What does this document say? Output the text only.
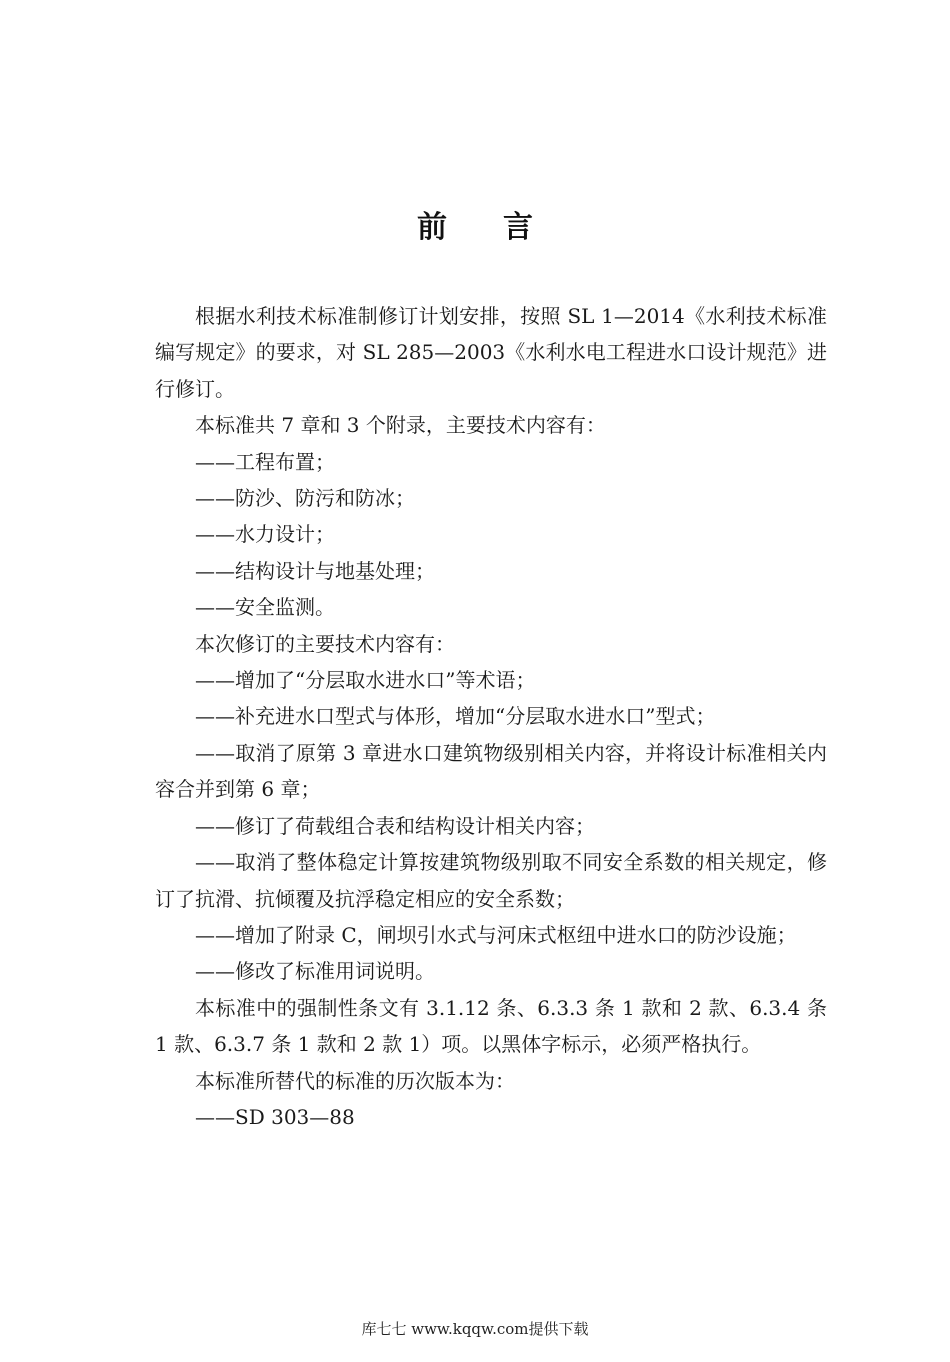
前言

根据水利技术标准制修订计划安排，按照 SL 1—2014《水利技术标准编写规定》的要求，对 SL 285—2003《水利水电工程进水口设计规范》进行修订。

本标准共 7 章和 3 个附录，主要技术内容有：

——工程布置；

——防沙、防污和防冰；

——水力设计；

——结构设计与地基处理；

——安全监测。

本次修订的主要技术内容有：

——增加了“分层取水进水口”等术语；

——补充进水口型式与体形，增加“分层取水进水口”型式；

——取消了原第 3 章进水口建筑物级别相关内容，并将设计标准相关内容合并到第 6 章；

——修订了荷载组合表和结构设计相关内容；

——取消了整体稳定计算按建筑物级别取不同安全系数的相关规定，修订了抗滑、抗倾覆及抗浮稳定相应的安全系数；

——增加了附录 C，闸坝引水式与河床式枢纽中进水口的防沙设施；

——修改了标准用词说明。

本标准中的强制性条文有 3.1.12 条、6.3.3 条 1 款和 2 款、6.3.4 条 1 款、6.3.7 条 1 款和 2 款 1）项。以黑体字标示，必须严格执行。

本标准所替代的标准的历次版本为：

——SD 303—88

库七七 www.kqqw.com提供下载
